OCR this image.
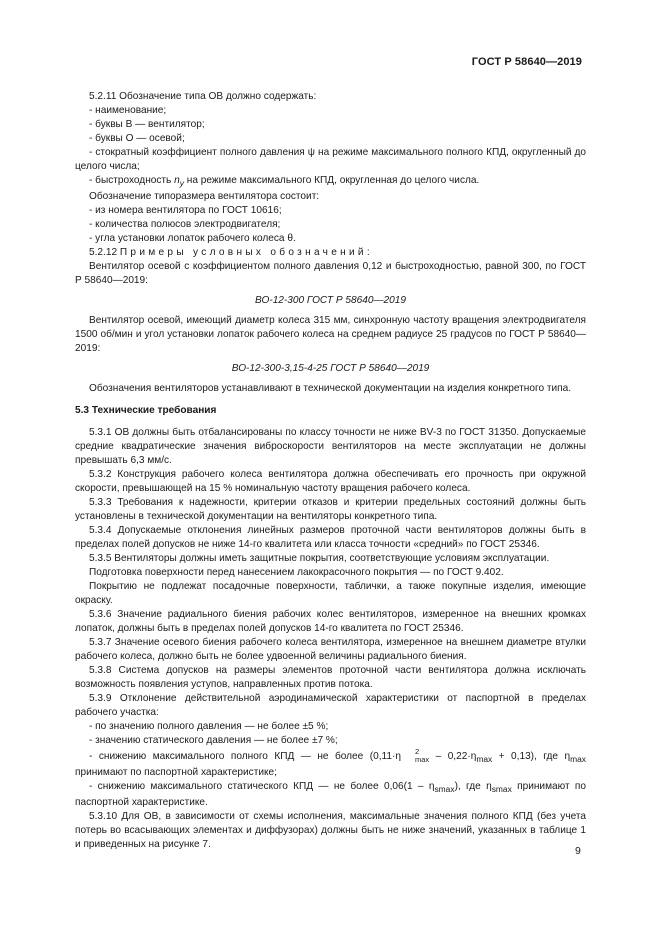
ГОСТ Р 58640—2019

5.2.11 Обозначение типа ОВ должно содержать:

- наименование;

- буквы В — вентилятор;

- буквы О — осевой;

- стократный коэффициент полного давления ψ на режиме максимального полного КПД, округленный до целого числа;

- быстроходность $n_y$ на режиме максимального КПД, округленная до целого числа.

Обозначение типоразмера вентилятора состоит:

- из номера вентилятора по ГОСТ 10616;

- количества полюсов электродвигателя;

- угла установки лопаток рабочего колеса θ.

5.2.12 Примеры условных обозначений:

Вентилятор осевой с коэффициентом полного давления 0,12 и быстроходностью, равной 300, по ГОСТ Р 58640—2019:

ВО-12-300 ГОСТ Р 58640—2019

Вентилятор осевой, имеющий диаметр колеса 315 мм, синхронную частоту вращения электродвигателя 1500 об/мин и угол установки лопаток рабочего колеса на среднем радиусе 25 градусов по ГОСТ Р 58640—2019:

ВО-12-300-3,15-4-25 ГОСТ Р 58640—2019

Обозначения вентиляторов устанавливают в технической документации на изделия конкретного типа.

5.3 Технические требования

5.3.1 ОВ должны быть отбалансированы по классу точности не ниже BV-3 по ГОСТ 31350. Допускаемые средние квадратические значения виброскорости вентиляторов на месте эксплуатации не должны превышать 6,3 мм/с.

5.3.2 Конструкция рабочего колеса вентилятора должна обеспечивать его прочность при окружной скорости, превышающей на 15 % номинальную частоту вращения рабочего колеса.

5.3.3 Требования к надежности, критерии отказов и критерии предельных состояний должны быть установлены в технической документации на вентиляторы конкретного типа.

5.3.4 Допускаемые отклонения линейных размеров проточной части вентиляторов должны быть в пределах полей допусков не ниже 14-го квалитета или класса точности «средний» по ГОСТ 25346.

5.3.5 Вентиляторы должны иметь защитные покрытия, соответствующие условиям эксплуатации.

Подготовка поверхности перед нанесением лакокрасочного покрытия — по ГОСТ 9.402.

Покрытию не подлежат посадочные поверхности, таблички, а также покупные изделия, имеющие окраску.

5.3.6 Значение радиального биения рабочих колес вентиляторов, измеренное на внешних кромках лопаток, должны быть в пределах полей допусков 14-го квалитета по ГОСТ 25346.

5.3.7 Значение осевого биения рабочего колеса вентилятора, измеренное на внешнем диаметре втулки рабочего колеса, должно быть не более удвоенной величины радиального биения.

5.3.8 Система допусков на размеры элементов проточной части вентилятора должна исключать возможность появления уступов, направленных против потока.

5.3.9 Отклонение действительной аэродинамической характеристики от паспортной в пределах рабочего участка:

- по значению полного давления — не более ±5 %;

- значению статического давления — не более ±7 %;

- снижению максимального полного КПД — не более (0,11·η	2
$\max - 0,22\cdot\eta_{max} + 0,13$), где $\eta_{max}$ принимают по паспортной характеристике;

- снижению максимального статического КПД — не более $0,06(1 - \eta_{smax})$, где $\eta_{smax}$ принимают по паспортной характеристике.

5.3.10 Для ОВ, в зависимости от схемы исполнения, максимальные значения полного КПД (без учета потерь во всасывающих элементах и диффузорах) должны быть не ниже значений, указанных в таблице 1 и приведенных на рисунке 7.

9
